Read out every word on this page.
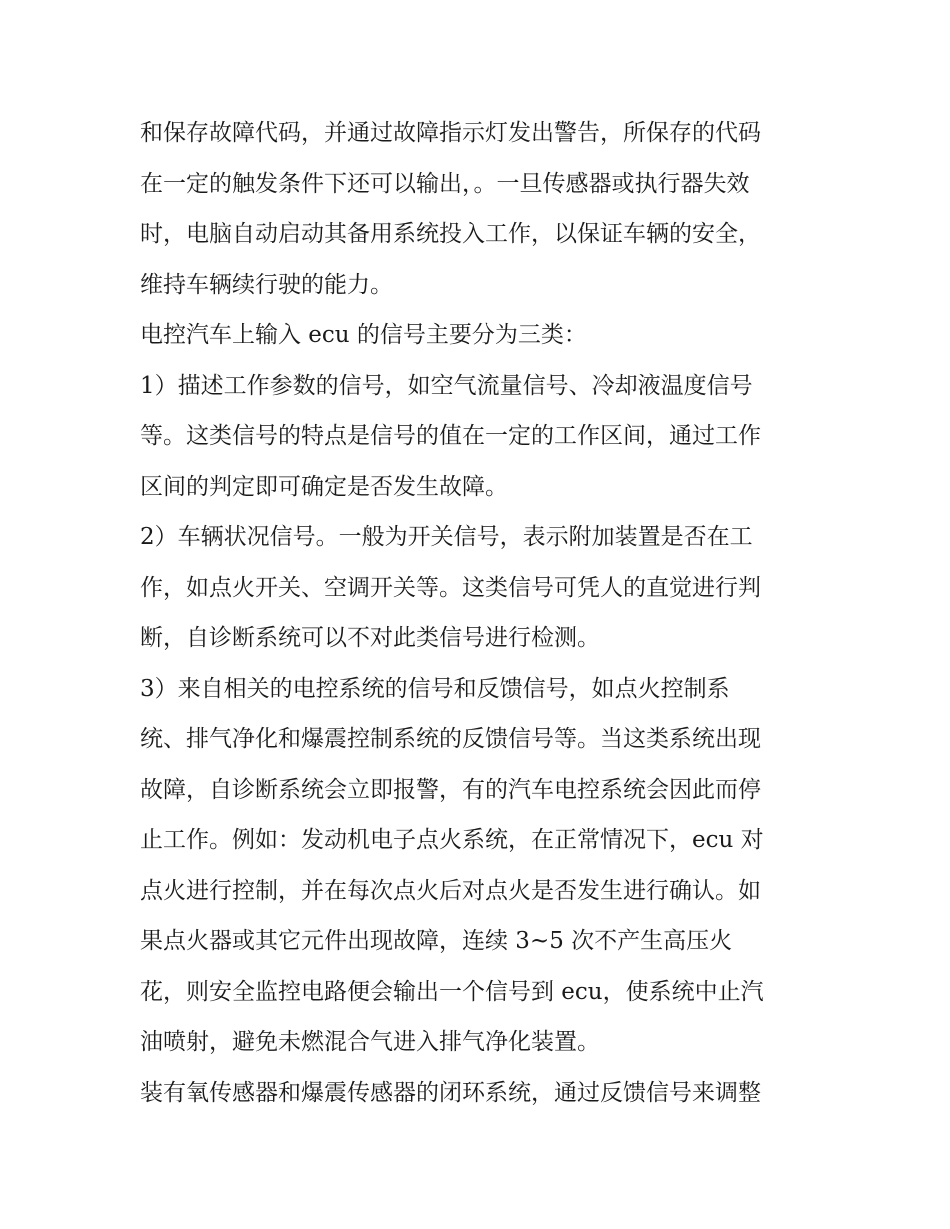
和保存故障代码，并通过故障指示灯发出警告，所保存的代码
在一定的触发条件下还可以输出，。一旦传感器或执行器失效
时，电脑自动启动其备用系统投入工作，以保证车辆的安全，
维持车辆续行驶的能力。
电控汽车上输入 ecu 的信号主要分为三类：
1）描述工作参数的信号，如空气流量信号、冷却液温度信号
等。这类信号的特点是信号的值在一定的工作区间，通过工作
区间的判定即可确定是否发生故障。
2）车辆状况信号。一般为开关信号，表示附加装置是否在工
作，如点火开关、空调开关等。这类信号可凭人的直觉进行判
断，自诊断系统可以不对此类信号进行检测。
3）来自相关的电控系统的信号和反馈信号，如点火控制系
统、排气净化和爆震控制系统的反馈信号等。当这类系统出现
故障，自诊断系统会立即报警，有的汽车电控系统会因此而停
止工作。例如：发动机电子点火系统，在正常情况下，ecu 对
点火进行控制，并在每次点火后对点火是否发生进行确认。如
果点火器或其它元件出现故障，连续 3~5 次不产生高压火
花，则安全监控电路便会输出一个信号到 ecu，使系统中止汽
油喷射，避免未燃混合气进入排气净化装置。
装有氧传感器和爆震传感器的闭环系统，通过反馈信号来调整
